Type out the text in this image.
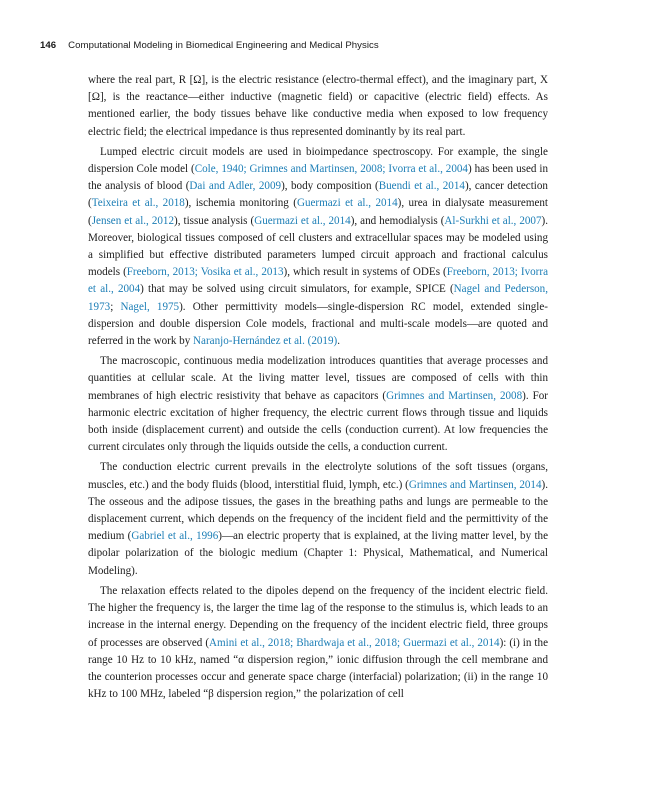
146 Computational Modeling in Biomedical Engineering and Medical Physics

where the real part, R [Ω], is the electric resistance (electro-thermal effect), and the imaginary part, X [Ω], is the reactance—either inductive (magnetic field) or capacitive (electric field) effects. As mentioned earlier, the body tissues behave like conductive media when exposed to low frequency electric field; the electrical impedance is thus represented dominantly by its real part.

Lumped electric circuit models are used in bioimpedance spectroscopy. For example, the single dispersion Cole model (Cole, 1940; Grimnes and Martinsen, 2008; Ivorra et al., 2004) has been used in the analysis of blood (Dai and Adler, 2009), body composition (Buendi et al., 2014), cancer detection (Teixeira et al., 2018), ischemia monitoring (Guermazi et al., 2014), urea in dialysate measurement (Jensen et al., 2012), tissue analysis (Guermazi et al., 2014), and hemodialysis (Al-Surkhi et al., 2007). Moreover, biological tissues composed of cell clusters and extracellular spaces may be modeled using a simplified but effective distributed parameters lumped circuit approach and fractional calculus models (Freeborn, 2013; Vosika et al., 2013), which result in systems of ODEs (Freeborn, 2013; Ivorra et al., 2004) that may be solved using circuit simulators, for example, SPICE (Nagel and Pederson, 1973; Nagel, 1975). Other permittivity models—single-dispersion RC model, extended single-dispersion and double dispersion Cole models, fractional and multi-scale models—are quoted and referred in the work by Naranjo-Hernández et al. (2019).

The macroscopic, continuous media modelization introduces quantities that average processes and quantities at cellular scale. At the living matter level, tissues are composed of cells with thin membranes of high electric resistivity that behave as capacitors (Grimnes and Martinsen, 2008). For harmonic electric excitation of higher frequency, the electric current flows through tissue and liquids both inside (displacement current) and outside the cells (conduction current). At low frequencies the current circulates only through the liquids outside the cells, a conduction current.

The conduction electric current prevails in the electrolyte solutions of the soft tissues (organs, muscles, etc.) and the body fluids (blood, interstitial fluid, lymph, etc.) (Grimnes and Martinsen, 2014). The osseous and the adipose tissues, the gases in the breathing paths and lungs are permeable to the displacement current, which depends on the frequency of the incident field and the permittivity of the medium (Gabriel et al., 1996)—an electric property that is explained, at the living matter level, by the dipolar polarization of the biologic medium (Chapter 1: Physical, Mathematical, and Numerical Modeling).

The relaxation effects related to the dipoles depend on the frequency of the incident electric field. The higher the frequency is, the larger the time lag of the response to the stimulus is, which leads to an increase in the internal energy. Depending on the frequency of the incident electric field, three groups of processes are observed (Amini et al., 2018; Bhardwaja et al., 2018; Guermazi et al., 2014): (i) in the range 10 Hz to 10 kHz, named “α dispersion region,” ionic diffusion through the cell membrane and the counterion processes occur and generate space charge (interfacial) polarization; (ii) in the range 10 kHz to 100 MHz, labeled “β dispersion region,” the polarization of cell
